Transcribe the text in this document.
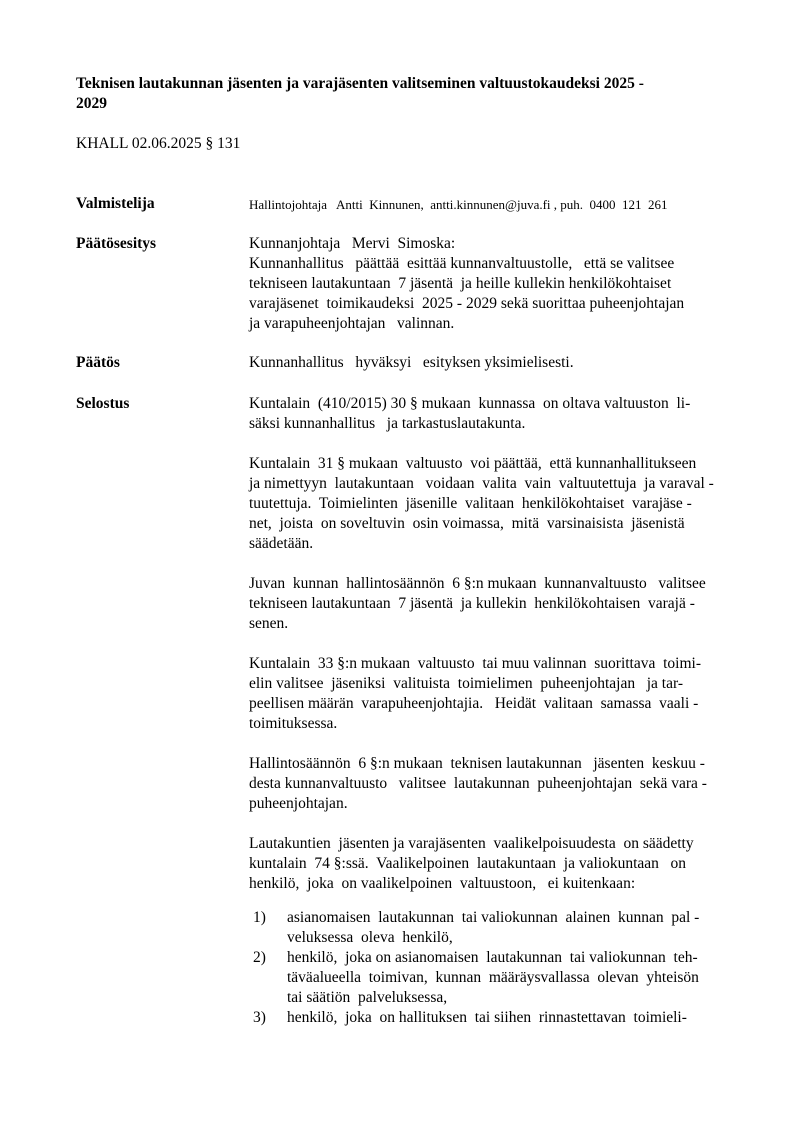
Teknisen lautakunnan jäsenten ja varajäsenten valitseminen valtuustokaudeksi 2025 -
2029
KHALL 02.06.2025 § 131
Valmistelija	Hallintojohtaja   Antti  Kinnunen,  antti.kinnunen@juva.fi , puh.  0400  121  261

Päätösesitys	Kunnanjohtaja   Mervi  Simoska:

Kunnanhallitus   päättää  esittää kunnanvaltuustolle,   että se valitsee

tekniseen lautakuntaan  7 jäsentä  ja heille kullekin henkilökohtaiset

varajäsenet  toimikaudeksi  2025 - 2029 sekä suorittaa puheenjohtajan

ja varapuheenjohtajan   valinnan.

Päätös	Kunnanhallitus   hyväksyi   esityksen yksimielisesti.

Selostus	Kuntalain  (410/2015) 30 § mukaan  kunnassa  on oltava valtuuston  li-

säksi kunnanhallitus   ja tarkastuslautakunta.

Kuntalain  31 § mukaan  valtuusto  voi päättää,  että kunnanhallitukseen

ja nimettyyn  lautakuntaan   voidaan  valita  vain  valtuutettuja  ja varaval -

tuutettuja.  Toimielinten  jäsenille  valitaan  henkilökohtaiset  varajäse -

net,  joista  on soveltuvin  osin voimassa,  mitä  varsinaisista  jäsenistä

säädetään.

Juvan  kunnan  hallintosäännön  6 §:n mukaan  kunnanvaltuusto   valitsee

tekniseen lautakuntaan  7 jäsentä  ja kullekin  henkilökohtaisen  varajä -

senen.

Kuntalain  33 §:n mukaan  valtuusto  tai muu valinnan  suorittava  toimi-

elin valitsee  jäseniksi  valituista  toimielimen  puheenjohtajan   ja tar-

peellisen määrän  varapuheenjohtajia.   Heidät  valitaan  samassa  vaali -

toimituksessa.

Hallintosäännön  6 §:n mukaan  teknisen lautakunnan   jäsenten  keskuu -

desta kunnanvaltuusto   valitsee  lautakunnan  puheenjohtajan  sekä vara -

puheenjohtajan.

Lautakuntien  jäsenten ja varajäsenten  vaalikelpoisuudesta  on säädetty

kuntalain  74 §:ssä.  Vaalikelpoinen  lautakuntaan  ja valiokuntaan   on

henkilö,  joka  on vaalikelpoinen  valtuustoon,   ei kuitenkaan:

1)	asianomaisen  lautakunnan  tai valiokunnan  alainen  kunnan  pal -

veluksessa  oleva  henkilö,

2)	henkilö,  joka on asianomaisen  lautakunnan  tai valiokunnan  teh-

täväalueella  toimivan,  kunnan  määräysvallassa  olevan  yhteisön

tai säätiön  palveluksessa,

3)	henkilö,  joka  on hallituksen  tai siihen  rinnastettavan  toimieli-
